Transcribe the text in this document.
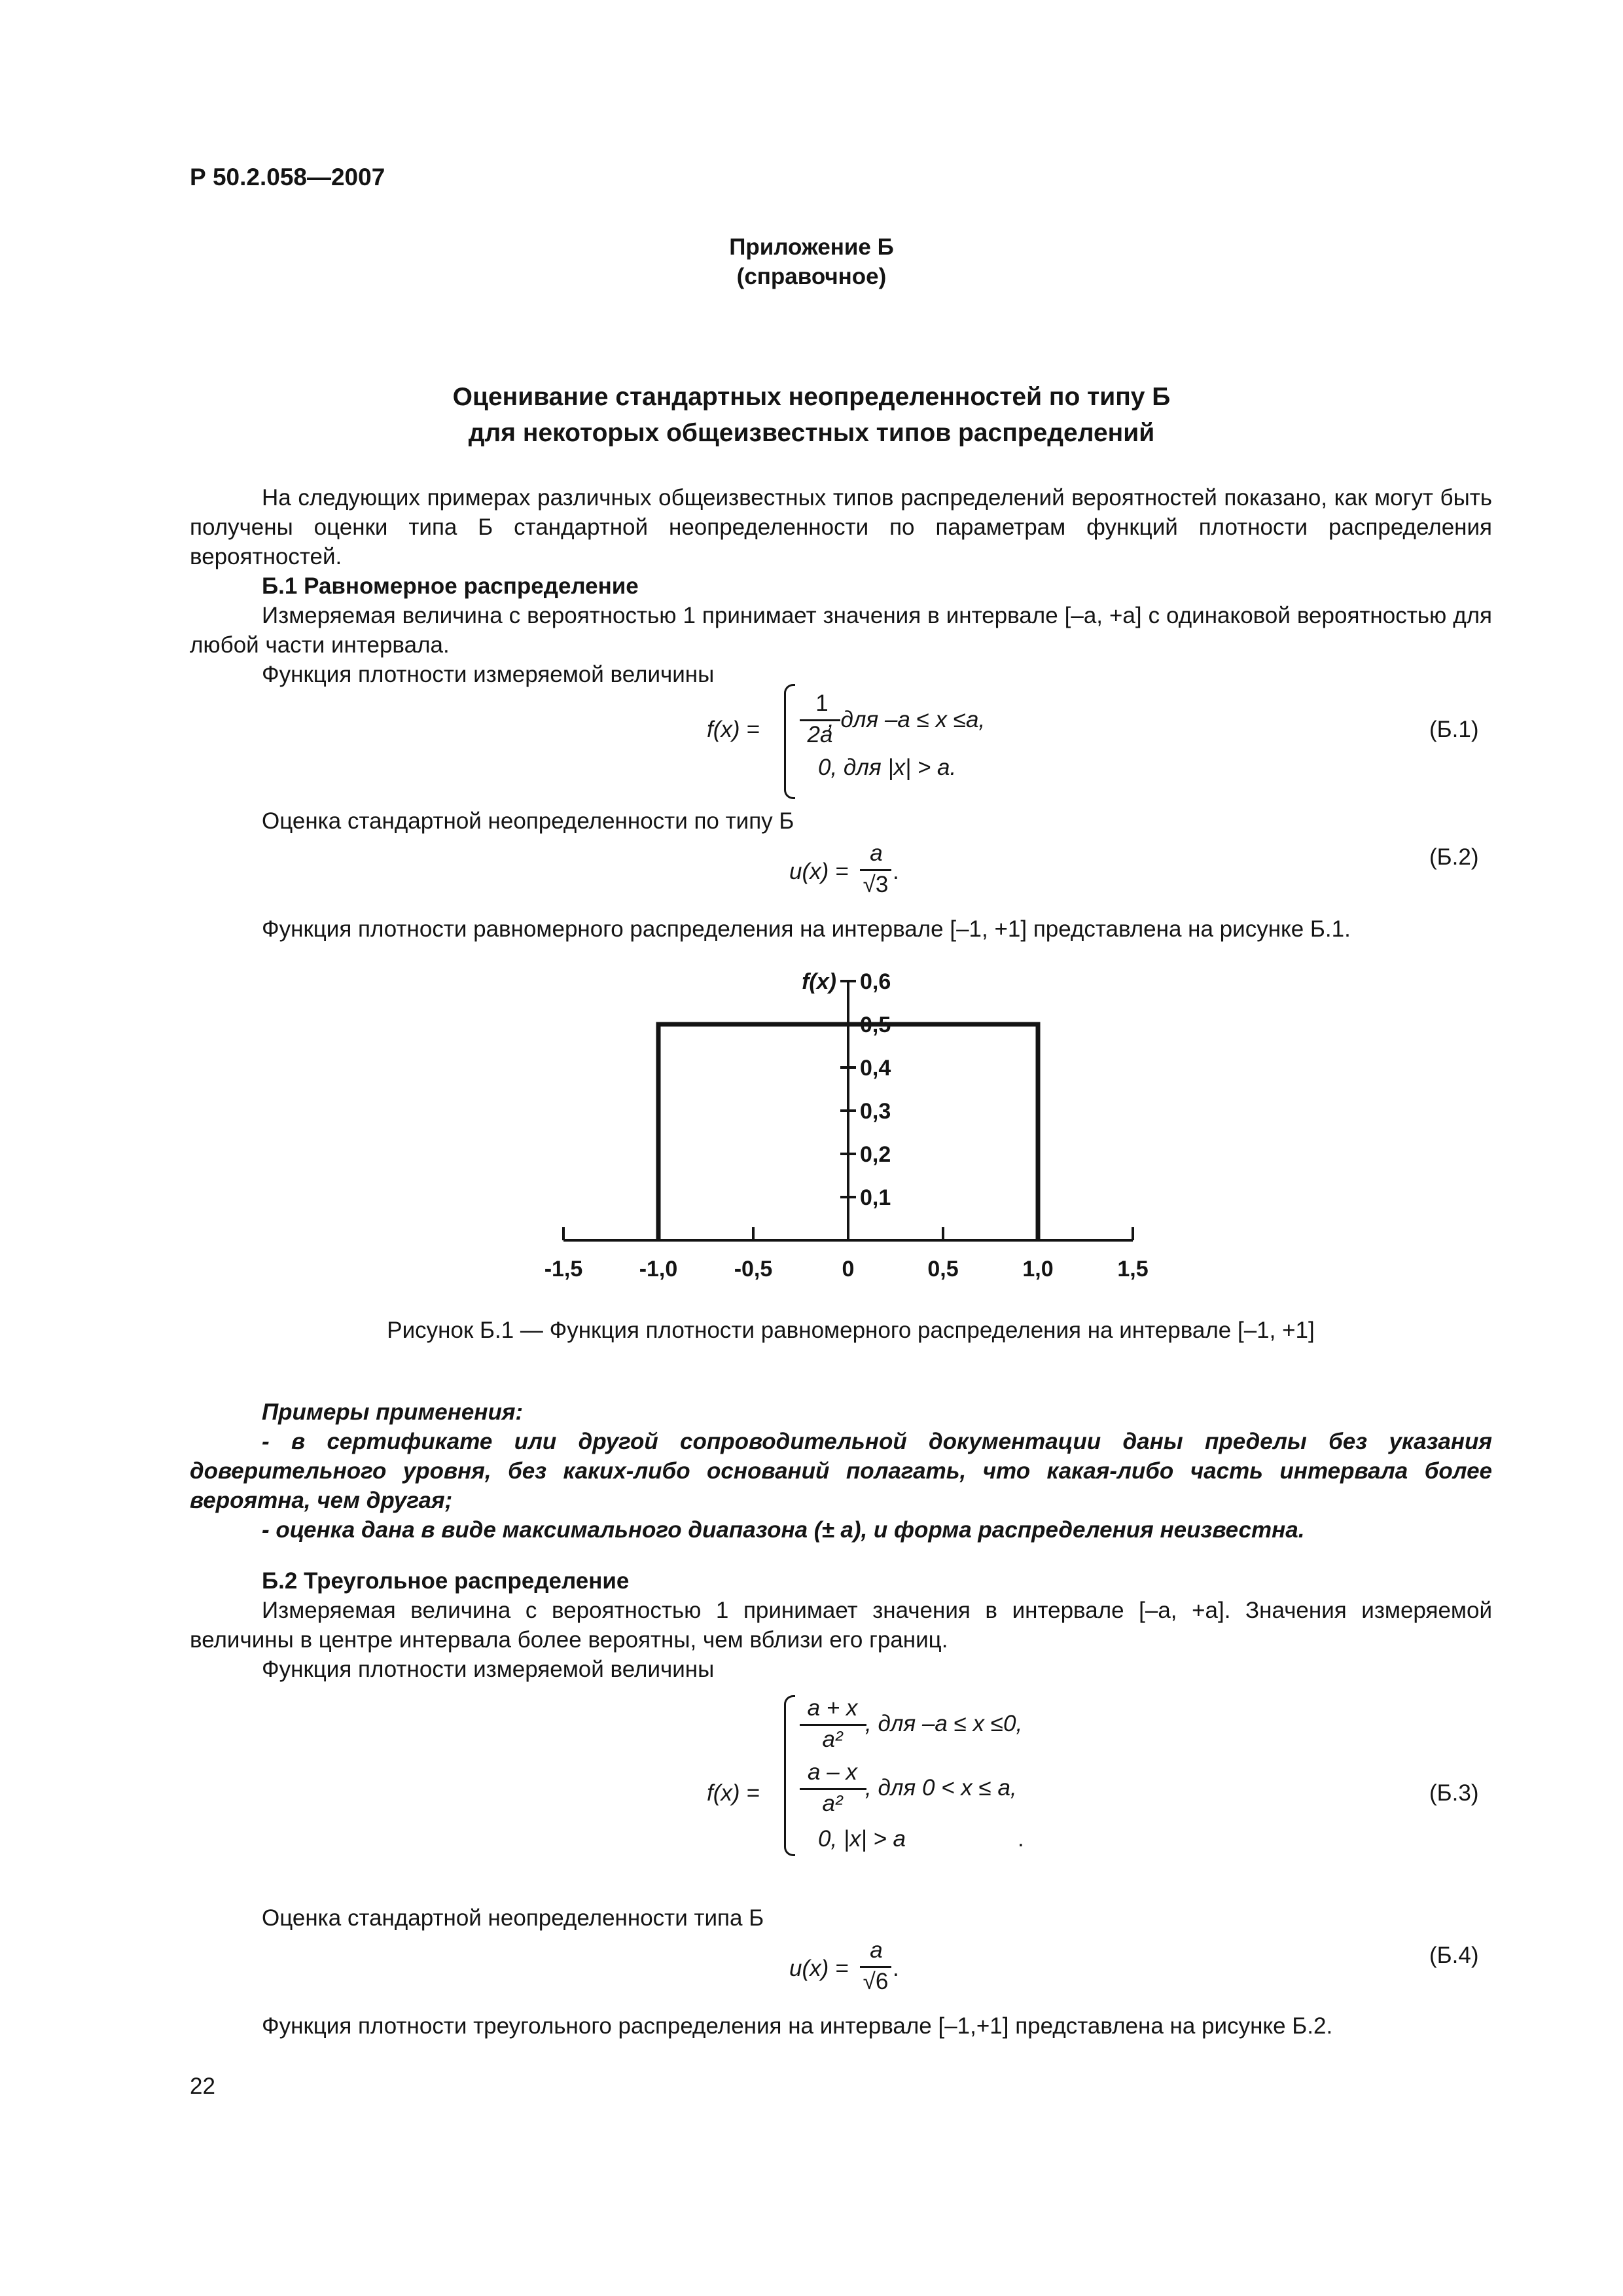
Р 50.2.058—2007
Приложение Б
(справочное)
Оценивание стандартных неопределенностей по типу Б
для некоторых общеизвестных типов распределений
На следующих примерах различных общеизвестных типов распределений вероятностей показано, как могут быть получены оценки типа Б стандартной неопределенности по параметрам функций плотности распределения вероятностей.
Б.1 Равномерное распределение
Измеряемая величина с вероятностью 1 принимает значения в интервале [–a, +a] с одинаковой вероятностью для любой части интервала.
Функция плотности измеряемой величины
f(x) =
1
2a
, для –a ≤ x ≤a,
0, для |x| > a.
(Б.1)
Оценка стандартной неопределенности по типу Б
u(x) =
a
√3
.
(Б.2)
Функция плотности равномерного распределения на интервале [–1, +1] представлена на рисунке Б.1.
-1,5	-1,0	-0,5	0	0,5	1,0	1,5
0,1
0,2
0,3
0,4
0,5
0,6
f(x)
Рисунок Б.1 — Функция плотности равномерного распределения на интервале [–1, +1]
Примеры применения:
- в сертификате или другой сопроводительной документации даны пределы без указания доверительного уровня, без каких-либо оснований полагать, что какая-либо часть интервала более вероятна, чем другая;
- оценка дана в виде максимального диапазона (± a), и форма распределения неизвестна.
Б.2 Треугольное распределение
Измеряемая величина с вероятностью 1 принимает значения в интервале [–a, +a]. Значения измеряемой величины в центре интервала более вероятны, чем вблизи его границ.
Функция плотности измеряемой величины
f(x) =
a + x
a²
, для –a ≤ x ≤0,
a – x
a²
, для 0 < x ≤ a,
0, |x| > a	.
(Б.3)
Оценка стандартной неопределенности типа Б
u(x) =
a
√6
.
(Б.4)
Функция плотности треугольного распределения на интервале [–1,+1] представлена на рисунке Б.2.
22
